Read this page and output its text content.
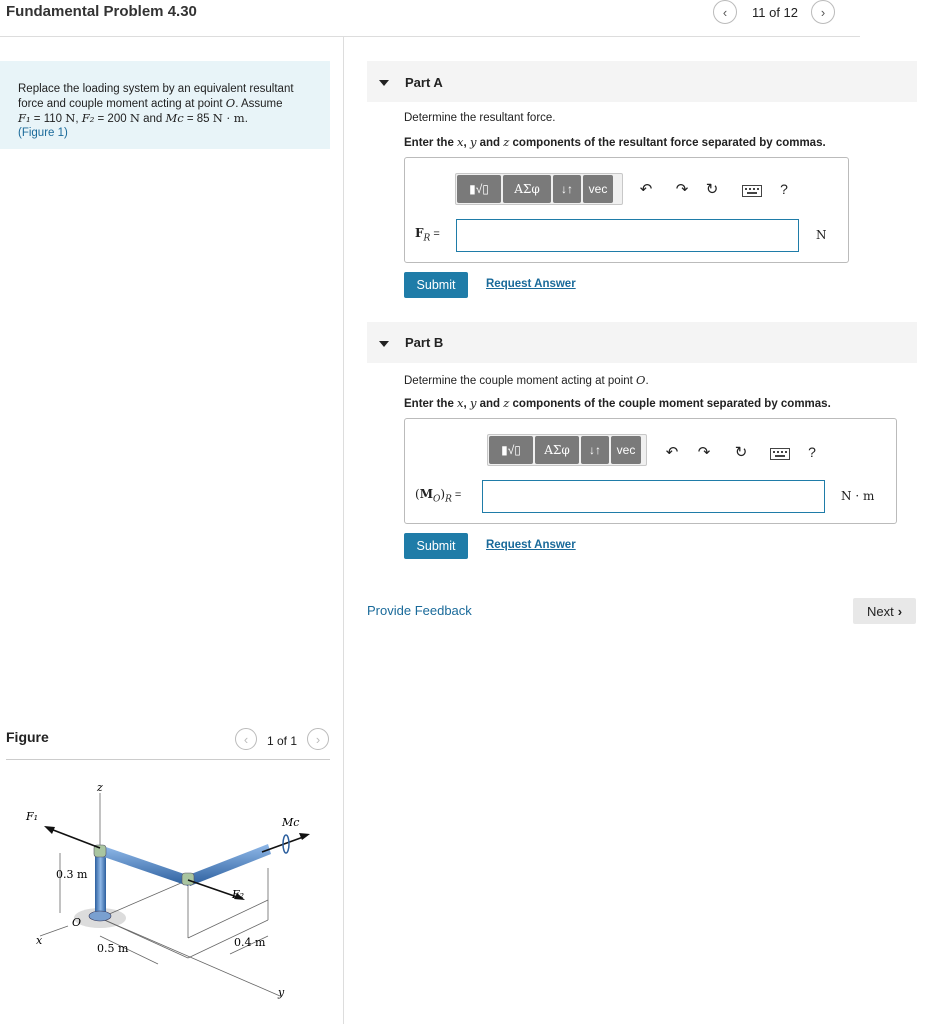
Fundamental Problem 4.30	‹ 11 of 12 ›
Replace the loading system by an equivalent resultant
force and couple moment acting at point O. Assume
F₁ = 110 N, F₂ = 200 N and Mc = 85 N · m.
(Figure 1)
Figure	‹ 1 of 1 ›
z
x
y
O
F₁
F₂
Mc
0.3 m
0.5 m	0.4 m
Part A
Determine the resultant force.
Enter the x, y and z components of the resultant force separated by commas.
▮√▯	ΑΣφ	↓↑	vec	↶ ↷ ↻	?
$F_R$ =	N
Submit	Request Answer
Part B
Determine the couple moment acting at point O.
Enter the x, y and z components of the couple moment separated by commas.
▮√▯	ΑΣφ	↓↑	vec	↶ ↷ ↻	?
$(M_O)_R$ =	N · m
Submit	Request Answer
Provide Feedback	Next ›
